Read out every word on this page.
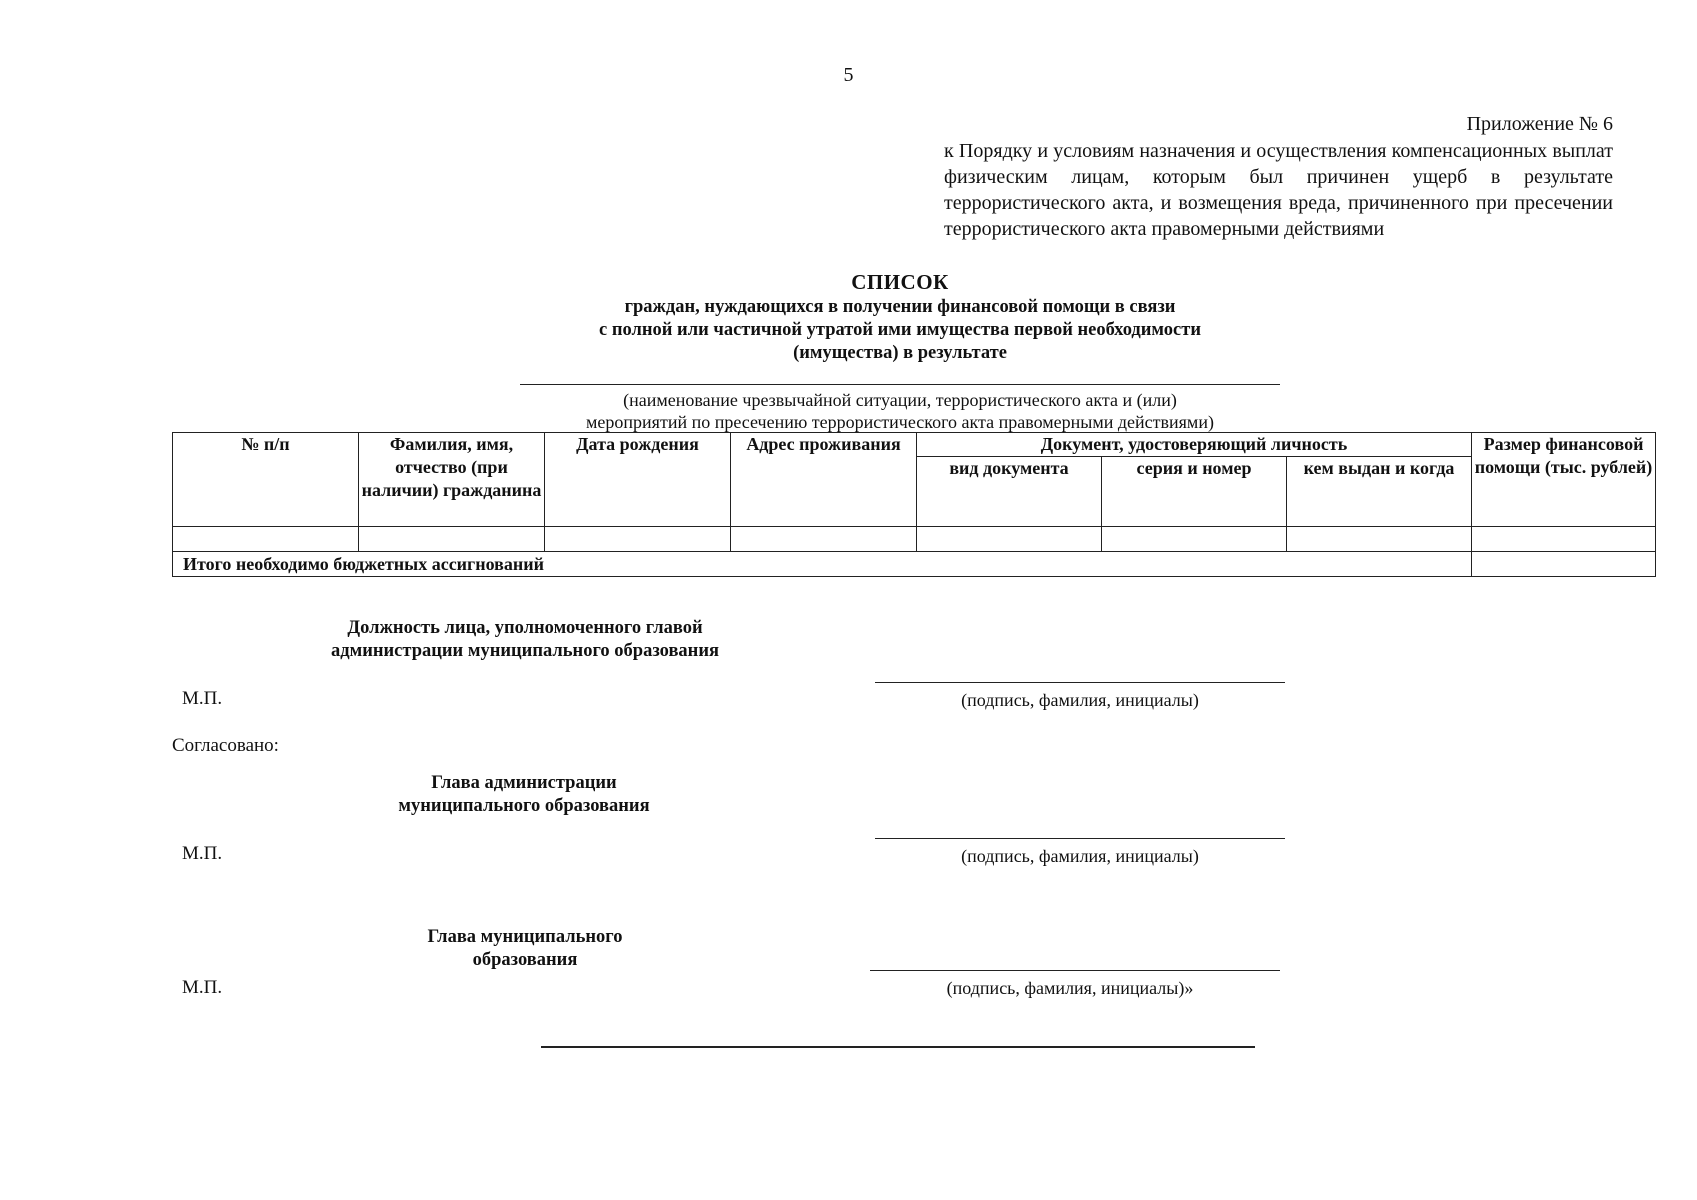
5
Приложение № 6
к Порядку и условиям назначения и осуществления компенсационных выплат физическим лицам, которым был причинен ущерб в результате террористического акта, и возмещения вреда, причиненного при пресечении террористического акта правомерными действиями
СПИСОК
граждан, нуждающихся в получении финансовой помощи в связи
с полной или частичной утратой ими имущества первой необходимости
(имущества) в результате
(наименование чрезвычайной ситуации, террористического акта и (или)
мероприятий по пресечению террористического акта правомерными действиями)
№ п/п	Фамилия, имя, отчество (при наличии) гражданина	Дата рождения	Адрес проживания	Документ, удостоверяющий личность			Размер финансовой помощи (тыс. рублей)
				вид документа	серия и номер	кем выдан и когда	

Итого необходимо бюджетных ассигнований							
Должность лица, уполномоченного главой администрации муниципального образования
М.П.	(подпись, фамилия, инициалы)
Согласовано:
Глава администрации муниципального образования
М.П.	(подпись, фамилия, инициалы)
Глава муниципального образования
М.П.	(подпись, фамилия, инициалы)»
